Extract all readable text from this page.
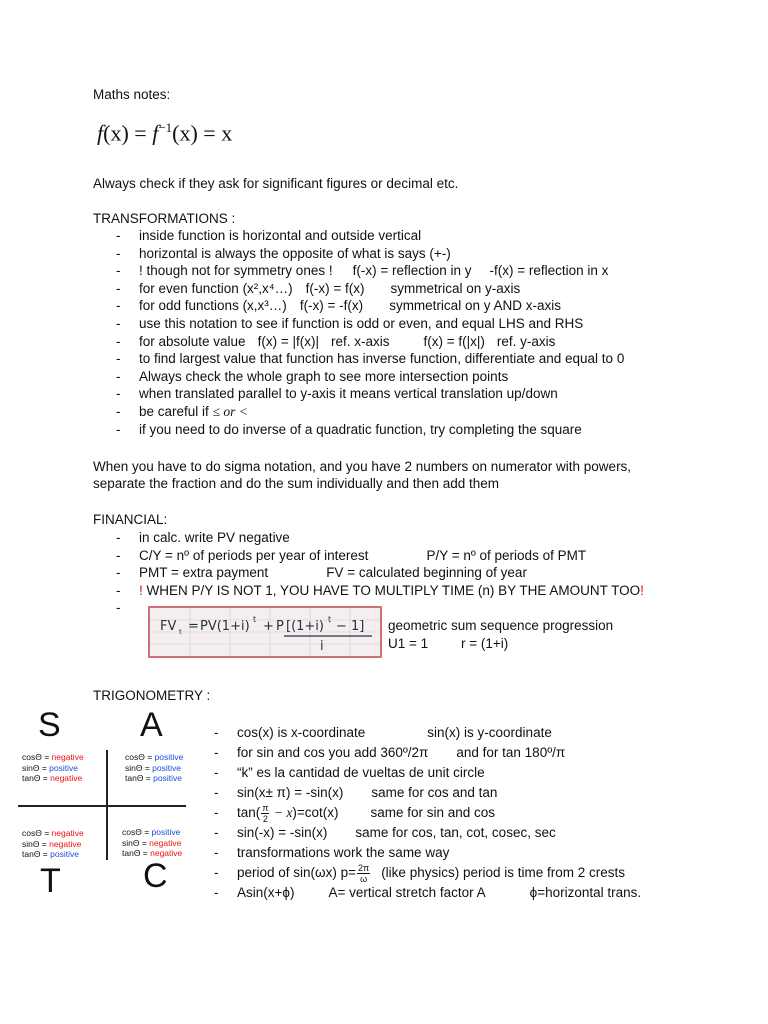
Maths notes:
$f(x) = f^{-1}(x) = x$
Always check if they ask for significant figures or decimal etc.
TRANSFORMATIONS :
- inside function is horizontal and outside vertical
- horizontal is always the opposite of what is says (+-)
- ! though not for symmetry ones ! f(-x) = reflection in y -f(x) = reflection in x
- for even function (x²,x⁴…) f(-x) = f(x) symmetrical on y-axis
- for odd functions (x,x³…) f(-x) = -f(x) symmetrical on y AND x-axis
- use this notation to see if function is odd or even, and equal LHS and RHS
- for absolute value f(x) = |f(x)| ref. x-axis	f(x) = f(|x|) ref. y-axis
- to find largest value that function has inverse function, differentiate and equal to 0
- Always check the whole graph to see more intersection points
- when translated parallel to y-axis it means vertical translation up/down
- be careful if ≤ or <
- if you need to do inverse of a quadratic function, try completing the square
When you have to do sigma notation, and you have 2 numbers on numerator with powers,
separate the fraction and do the sum individually and then add them
FINANCIAL:
- in calc. write PV negative
- C/Y = nº of periods per year of interest	P/Y = nº of periods of PMT
- PMT = extra payment	FV = calculated beginning of year
- ! WHEN P/Y IS NOT 1, YOU HAVE TO MULTIPLY TIME (n) BY THE AMOUNT TOO!
-
FV t = PV(1+i) t + P [(1+i) t − 1]
i
geometric sum sequence progression
U1 = 1 r = (1+i)
TRIGONOMETRY :
S A
T C
cosΘ = negative
sinΘ = positive
tanΘ = negative
cosΘ = positive
sinΘ = positive
tanΘ = positive
cosΘ = negative
sinΘ = negative
tanΘ = positive
cosΘ = positive
sinΘ = negative
tanΘ = negative
- cos(x) is x-coordinate	sin(x) is y-coordinate
- for sin and cos you add 360º/2π and for tan 180º/π
- “k” es la cantidad de vueltas de unit circle
- sin(x± π) = -sin(x) same for cos and tan
- $\tan( \frac{\pi}{2} - x)=\cot(x)$ same for sin and cos
- sin(-x) = -sin(x) same for cos, tan, cot, cosec, sec
- transformations work the same way
- period of sin(ωx) $p= \frac{2\pi}{\omega}$ (like physics) period is time from 2 crests
- Asin(x+ϕ)	A= vertical stretch factor A	ϕ=horizontal trans.
